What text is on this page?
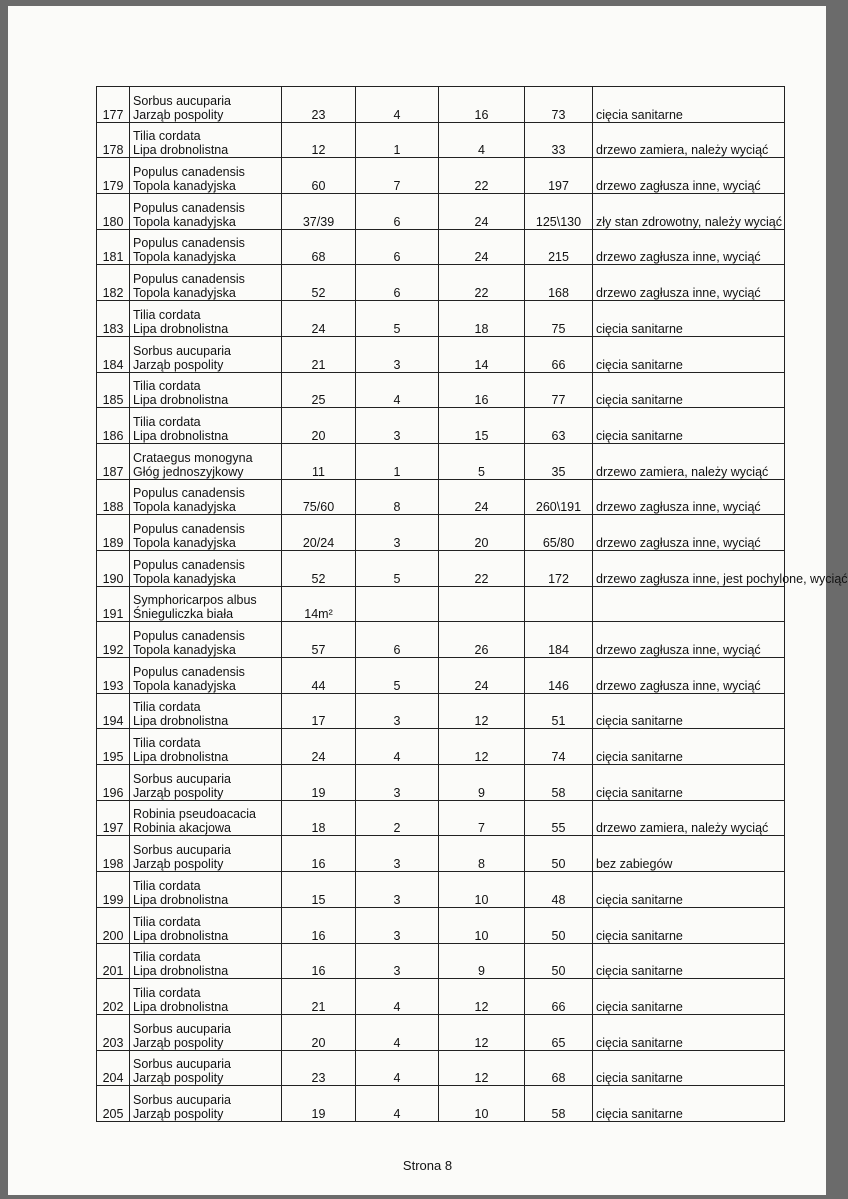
177	Sorbus aucuparia
Jarząb pospolity	23	4	16	73	cięcia sanitarne
178	Tilia cordata
Lipa drobnolistna	12	1	4	33	drzewo zamiera, należy wyciąć
179	Populus canadensis
Topola kanadyjska	60	7	22	197	drzewo zagłusza inne, wyciąć
180	Populus canadensis
Topola kanadyjska	37/39	6	24	125\130	zły stan zdrowotny, należy wyciąć
181	Populus canadensis
Topola kanadyjska	68	6	24	215	drzewo zagłusza inne, wyciąć
182	Populus canadensis
Topola kanadyjska	52	6	22	168	drzewo zagłusza inne, wyciąć
183	Tilia cordata
Lipa drobnolistna	24	5	18	75	cięcia sanitarne
184	Sorbus aucuparia
Jarząb pospolity	21	3	14	66	cięcia sanitarne
185	Tilia cordata
Lipa drobnolistna	25	4	16	77	cięcia sanitarne
186	Tilia cordata
Lipa drobnolistna	20	3	15	63	cięcia sanitarne
187	Crataegus monogyna
Głóg jednoszyjkowy	11	1	5	35	drzewo zamiera, należy wyciąć
188	Populus canadensis
Topola kanadyjska	75/60	8	24	260\191	drzewo zagłusza inne, wyciąć
189	Populus canadensis
Topola kanadyjska	20/24	3	20	65/80	drzewo zagłusza inne, wyciąć
190	Populus canadensis
Topola kanadyjska	52	5	22	172	drzewo zagłusza inne, jest pochylone, wyciąć
191	Symphoricarpos albus
Śnieguliczka biała	14m²				
192	Populus canadensis
Topola kanadyjska	57	6	26	184	drzewo zagłusza inne, wyciąć
193	Populus canadensis
Topola kanadyjska	44	5	24	146	drzewo zagłusza inne, wyciąć
194	Tilia cordata
Lipa drobnolistna	17	3	12	51	cięcia sanitarne
195	Tilia cordata
Lipa drobnolistna	24	4	12	74	cięcia sanitarne
196	Sorbus aucuparia
Jarząb pospolity	19	3	9	58	cięcia sanitarne
197	Robinia pseudoacacia
Robinia akacjowa	18	2	7	55	drzewo zamiera, należy wyciąć
198	Sorbus aucuparia
Jarząb pospolity	16	3	8	50	bez zabiegów
199	Tilia cordata
Lipa drobnolistna	15	3	10	48	cięcia sanitarne
200	Tilia cordata
Lipa drobnolistna	16	3	10	50	cięcia sanitarne
201	Tilia cordata
Lipa drobnolistna	16	3	9	50	cięcia sanitarne
202	Tilia cordata
Lipa drobnolistna	21	4	12	66	cięcia sanitarne
203	Sorbus aucuparia
Jarząb pospolity	20	4	12	65	cięcia sanitarne
204	Sorbus aucuparia
Jarząb pospolity	23	4	12	68	cięcia sanitarne
205	Sorbus aucuparia
Jarząb pospolity	19	4	10	58	cięcia sanitarne
Strona 8
